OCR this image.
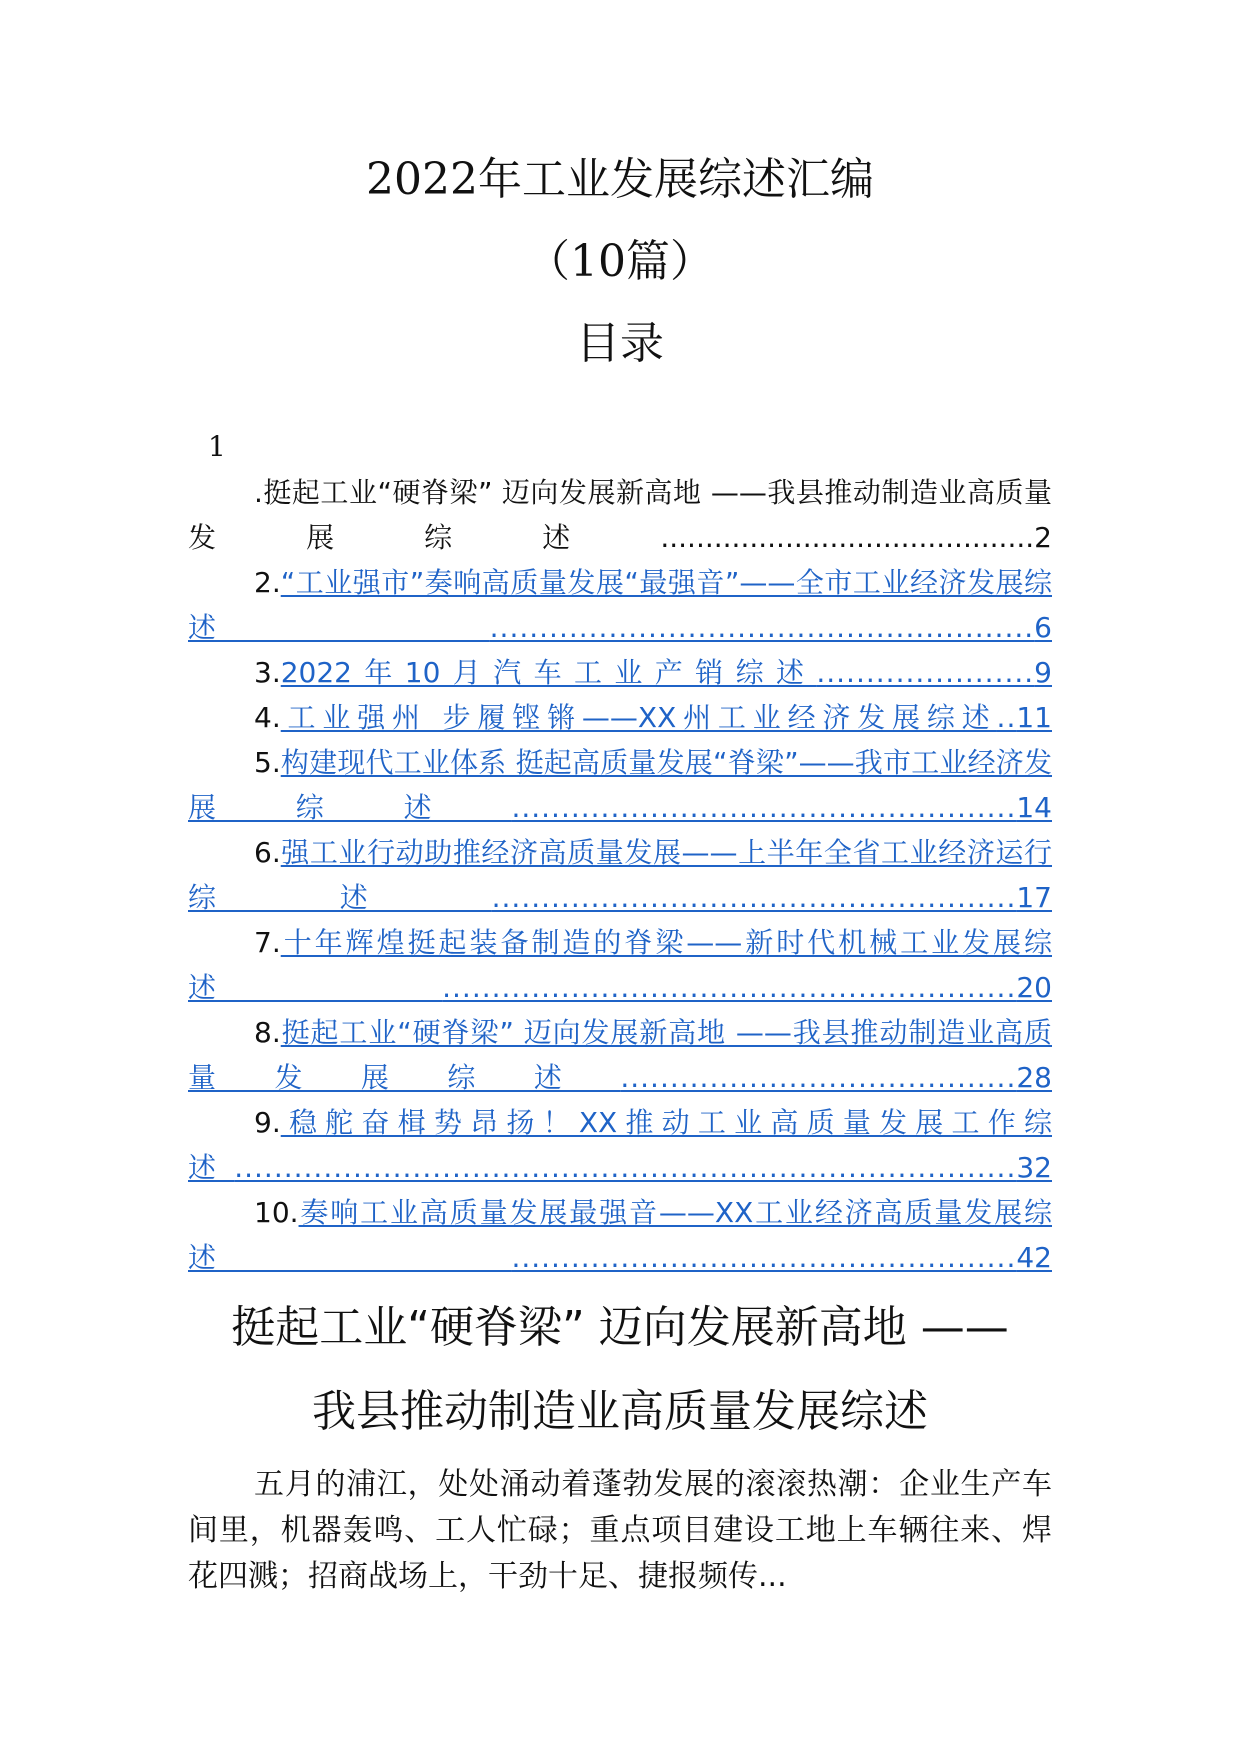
2022年工业发展综述汇编
（10篇）
目录
1

.挺起工业“硬脊梁” 迈向发展新高地 ——我县推动制造业高质量发展综述..........................................2

2.“工业强市”奏响高质量发展“最强音”——全市工业经济发展综述.......................................................6

3.2022年10月汽车工业产销综述......................9

4.工业强州 步履铿锵——XX州工业经济发展综述..11

5.构建现代工业体系 挺起高质量发展“脊梁”——我市工业经济发展综述...................................................14

6.强工业行动助推经济高质量发展——上半年全省工业经济运行综述.....................................................17

7.十年辉煌挺起装备制造的脊梁——新时代机械工业发展综述..........................................................20

8.挺起工业“硬脊梁” 迈向发展新高地 ——我县推动制造业高质量发展综述........................................28

9.稳舵奋楫势昂扬！XX推动工业高质量发展工作综述...............................................................................32

10.奏响工业高质量发展最强音——XX工业经济高质量发展综述...................................................42

挺起工业“硬脊梁” 迈向发展新高地 ——
我县推动制造业高质量发展综述

五月的浦江，处处涌动着蓬勃发展的滚滚热潮：企业生产车间里，机器轰鸣、工人忙碌；重点项目建设工地上车辆往来、焊花四溅；招商战场上，干劲十足、捷报频传...
